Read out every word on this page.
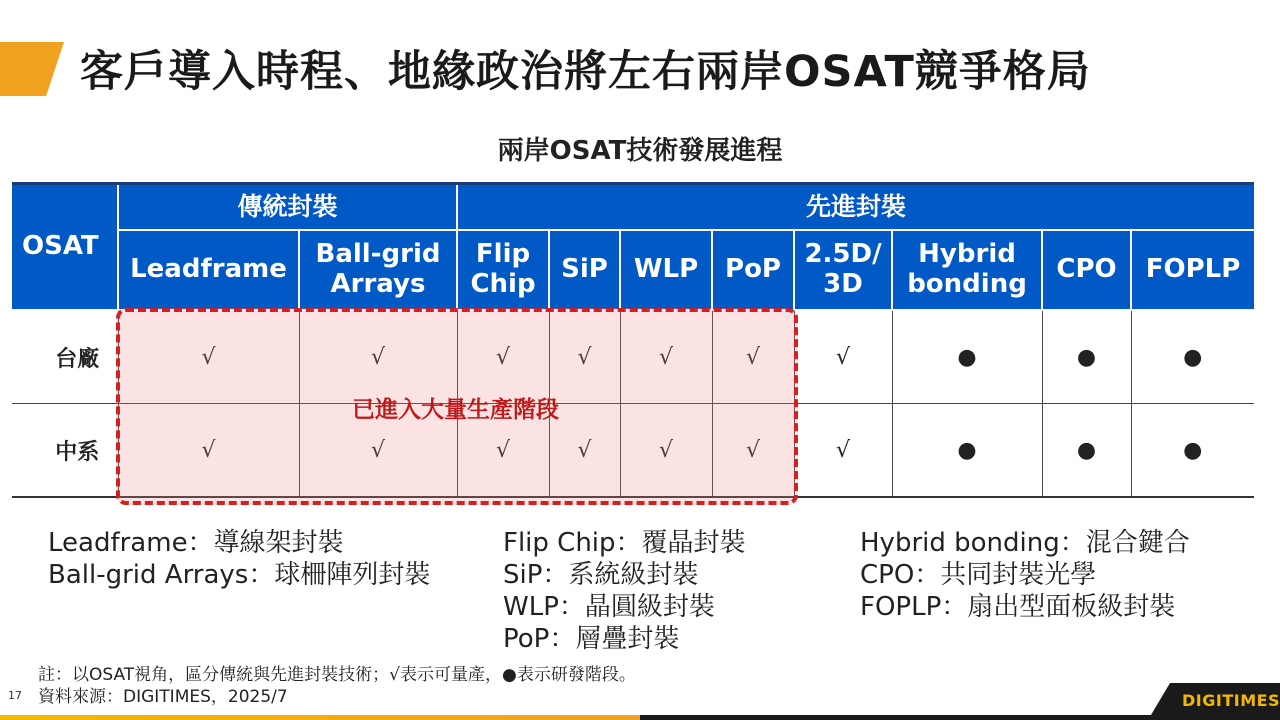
客戶導入時程、地緣政治將左右兩岸OSAT競爭格局
兩岸OSAT技術發展進程
OSAT	傳統封裝		先進封裝							
	Leadframe	Ball-grid Arrays	Flip Chip	SiP	WLP	PoP	2.5D/ 3D	Hybrid bonding	CPO	FOPLP
台廠	√	√	√	√	√	√	√	●	●	●
中系	√	√	√	√	√	√	√	●	●	●
已進入大量生產階段
Leadframe：導線架封裝
Ball-grid Arrays：球柵陣列封裝
Flip Chip：覆晶封裝
SiP：系統級封裝
WLP：晶圓級封裝
PoP：層疊封裝
Hybrid bonding：混合鍵合
CPO：共同封裝光學
FOPLP：扇出型面板級封裝
註：以OSAT視角，區分傳統與先進封裝技術；√表示可量產，●表示研發階段。
資料來源：DIGITIMES，2025/7
17	DIGITIMES
